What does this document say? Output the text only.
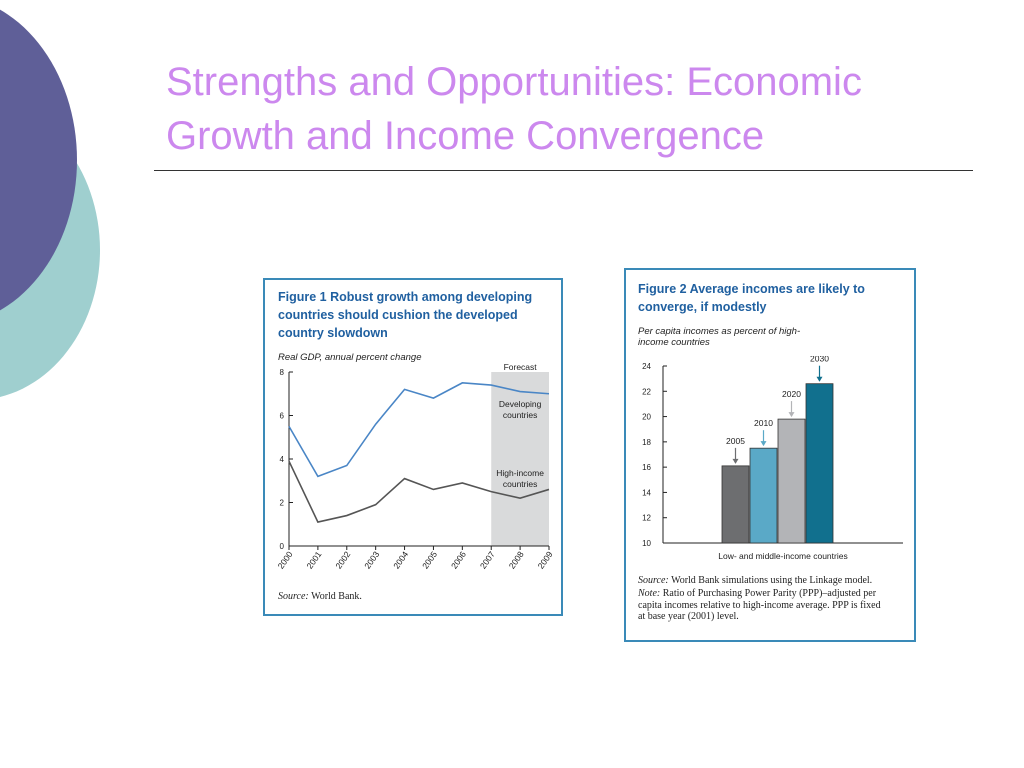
Strengths and Opportunities: Economic Growth and Income Convergence
Figure 1 Robust growth among developing countries should cushion the developed country slowdown
Real GDP, annual percent change
Forecast
0
2
4
6
8
2000 2001 2002 2003 2004 2005 2006 2007 2008 2009
Developing countries
High-income countries
Source: World Bank.
Figure 2 Average incomes are likely to converge, if modestly
Per capita incomes as percent of high-income countries
10
12
14
16
18
20
22
24
2005
2010
2020
2030
Low- and middle-income countries
Source: World Bank simulations using the Linkage model.
Note: Ratio of Purchasing Power Parity (PPP)–adjusted per capita incomes relative to high-income average. PPP is fixed at base year (2001) level.
